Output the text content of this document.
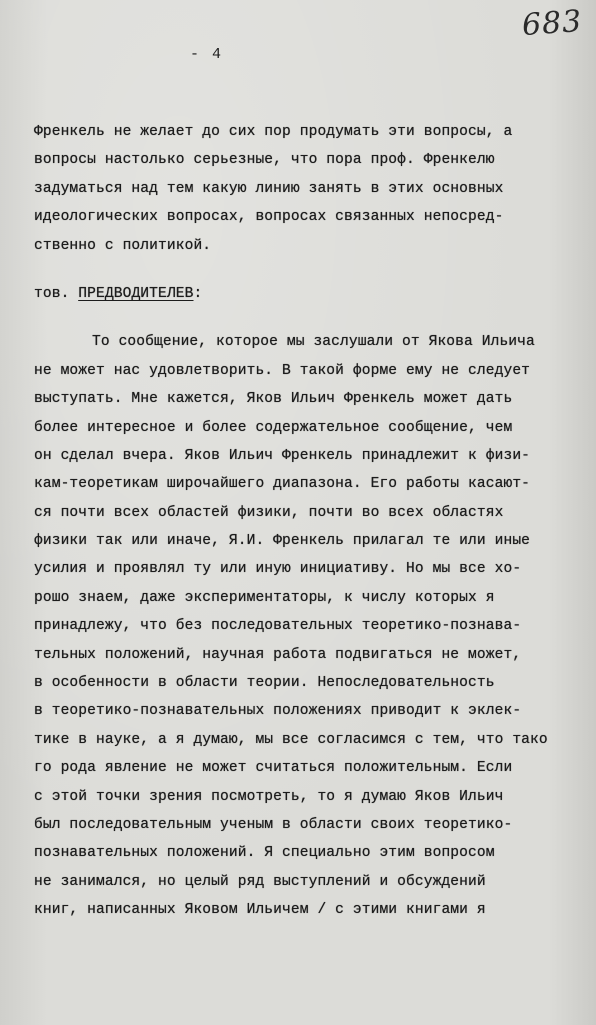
683
- 4
Френкель не желает до сих пор продумать эти вопросы, а
вопросы настолько серьезные, что пора проф. Френкелю
задуматься над тем какую линию занять в этих основных
идеологических вопросах, вопросах связанных непосред-
ственно с политикой.
тов. ПРЕДВОДИТЕЛЕВ:
То сообщение, которое мы заслушали от Якова Ильича
не может нас удовлетворить. В такой форме ему не следует
выступать. Мне кажется, Яков Ильич Френкель может дать
более интересное и более содержательное сообщение, чем
он сделал вчера. Яков Ильич Френкель принадлежит к физи-
кам-теоретикам широчайшего диапазона. Его работы касают-
ся почти всех областей физики, почти во всех областях
физики так или иначе, Я.И. Френкель прилагал те или иные
усилия и проявлял ту или иную инициативу. Но мы все хо-
рошо знаем, даже экспериментаторы, к числу которых я
принадлежу, что без последовательных теоретико-познава-
тельных положений, научная работа подвигаться не может,
в особенности в области теории. Непоследовательность
в теоретико-познавательных положениях приводит к эклек-
тике в науке, а я думаю, мы все согласимся с тем, что тако
го рода явление не может считаться положительным. Если
с этой точки зрения посмотреть, то я думаю Яков Ильич
был последовательным ученым в области своих теоретико-
познавательных положений. Я специально этим вопросом
не занимался, но целый ряд выступлений и обсуждений
книг, написанных Яковом Ильичем / с этими книгами я
